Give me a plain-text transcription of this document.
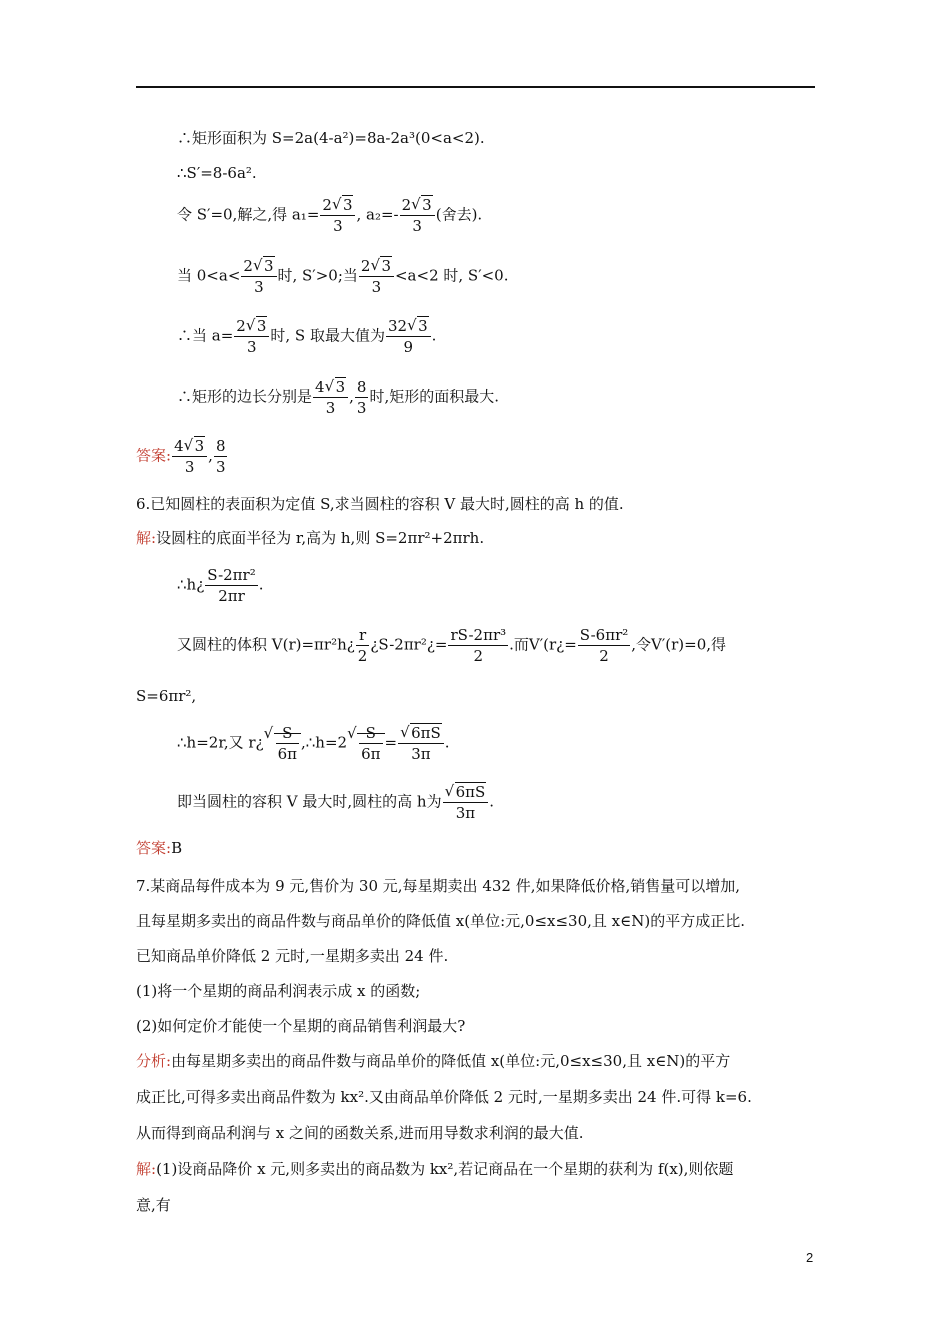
∴矩形面积为 S=2a(4-a²)=8a-2a³(0<a<2).
∴S′=8-6a².
令 S′=0,解之,得 $a_1= \frac{2 √ 3}{3}$ , $a_2=- \frac{2 √ 3}{3}$ (舍去).
当 $0<a< \frac{2 √ 3}{3}$ 时, S′>0;当 $\frac{2 √ 3}{3} <a<2$ 时, S′<0.
∴当 $a= \frac{2 √ 3}{3}$ 时, S 取最大值为 $\frac{32 √ 3}{9}$ .
∴矩形的边长分别是 $\frac{4 √ 3}{3}$ , $\frac{8}{3}$ 时,矩形的面积最大.
答案: $\frac{4 √ 3}{3}$ , $\frac{8}{3}$
6.已知圆柱的表面积为定值 S,求当圆柱的容积 V 最大时,圆柱的高 h 的值.
解:设圆柱的底面半径为 r,高为 h,则 S=2πr²+2πrh.
∴h¿ $\frac{\text{S-2πr²}}{2\pi r}$ .
又圆柱的体积 V(r)=πr²h¿ $\frac{r}{2}$ ¿S-2πr²¿= $\frac{\text{rS-2πr³}}{2}$ .而V′(r¿= $\frac{\text{S-6πr²}}{2}$ ,令V′(r)=0,得
S=6πr²,
∴h=2r,又 r¿ √ $\frac{S}{6\pi}$ ,∴h=2 √ $\frac{S}{6\pi}$ = √ $\frac{6\pi S}{3\pi}$ .
即当圆柱的容积 V 最大时,圆柱的高 h为 √ $\frac{6\pi S}{3\pi}$ .
答案:B
7.某商品每件成本为 9 元,售价为 30 元,每星期卖出 432 件,如果降低价格,销售量可以增加,
且每星期多卖出的商品件数与商品单价的降低值 x(单位:元,0≤x≤30,且 x∈N)的平方成正比.
已知商品单价降低 2 元时,一星期多卖出 24 件.
(1)将一个星期的商品利润表示成 x 的函数;
(2)如何定价才能使一个星期的商品销售利润最大?
分析:由每星期多卖出的商品件数与商品单价的降低值 x(单位:元,0≤x≤30,且 x∈N)的平方
成正比,可得多卖出商品件数为 kx².又由商品单价降低 2 元时,一星期多卖出 24 件.可得 k=6.
从而得到商品利润与 x 之间的函数关系,进而用导数求利润的最大值.
解:(1)设商品降价 x 元,则多卖出的商品数为 kx²,若记商品在一个星期的获利为 f(x),则依题
意,有
2
